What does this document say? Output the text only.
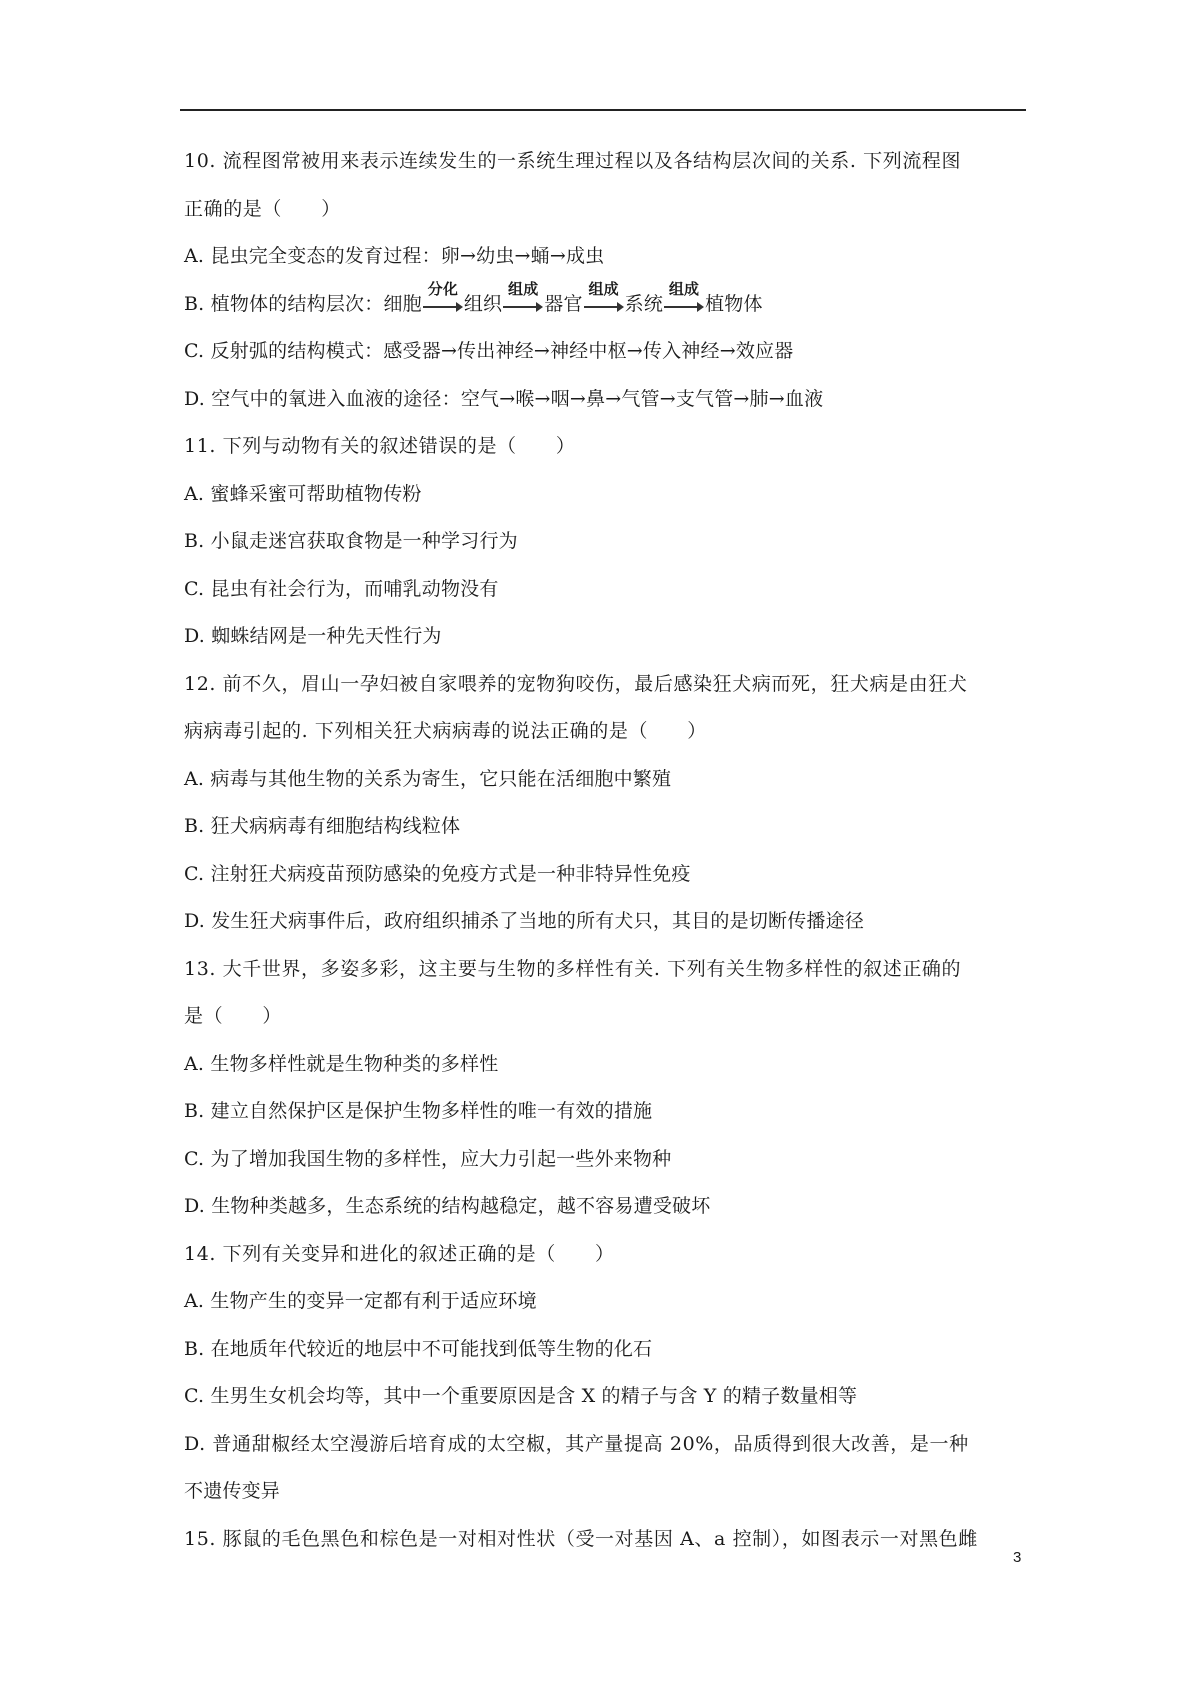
10. 流程图常被用来表示连续发生的一系统生理过程以及各结构层次间的关系. 下列流程图
正确的是（　　）
A. 昆虫完全变态的发育过程：卵→幼虫→蛹→成虫
B. 植物体的结构层次：细胞
分化
组织
组成
器官
组成
系统
组成
植物体
C. 反射弧的结构模式：感受器→传出神经→神经中枢→传入神经→效应器
D. 空气中的氧进入血液的途径：空气→喉→咽→鼻→气管→支气管→肺→血液
11. 下列与动物有关的叙述错误的是（　　）
A. 蜜蜂采蜜可帮助植物传粉
B. 小鼠走迷宫获取食物是一种学习行为
C. 昆虫有社会行为，而哺乳动物没有
D. 蜘蛛结网是一种先天性行为
12. 前不久，眉山一孕妇被自家喂养的宠物狗咬伤，最后感染狂犬病而死，狂犬病是由狂犬
病病毒引起的. 下列相关狂犬病病毒的说法正确的是（　　）
A. 病毒与其他生物的关系为寄生，它只能在活细胞中繁殖
B. 狂犬病病毒有细胞结构线粒体
C. 注射狂犬病疫苗预防感染的免疫方式是一种非特异性免疫
D. 发生狂犬病事件后，政府组织捕杀了当地的所有犬只，其目的是切断传播途径
13. 大千世界，多姿多彩，这主要与生物的多样性有关. 下列有关生物多样性的叙述正确的
是（　　）
A. 生物多样性就是生物种类的多样性
B. 建立自然保护区是保护生物多样性的唯一有效的措施
C. 为了增加我国生物的多样性，应大力引起一些外来物种
D. 生物种类越多，生态系统的结构越稳定，越不容易遭受破坏
14. 下列有关变异和进化的叙述正确的是（　　）
A. 生物产生的变异一定都有利于适应环境
B. 在地质年代较近的地层中不可能找到低等生物的化石
C. 生男生女机会均等，其中一个重要原因是含 X 的精子与含 Y 的精子数量相等
D. 普通甜椒经太空漫游后培育成的太空椒，其产量提高 20%，品质得到很大改善，是一种
不遗传变异
15. 豚鼠的毛色黑色和棕色是一对相对性状（受一对基因 A、a 控制），如图表示一对黑色雌
3
